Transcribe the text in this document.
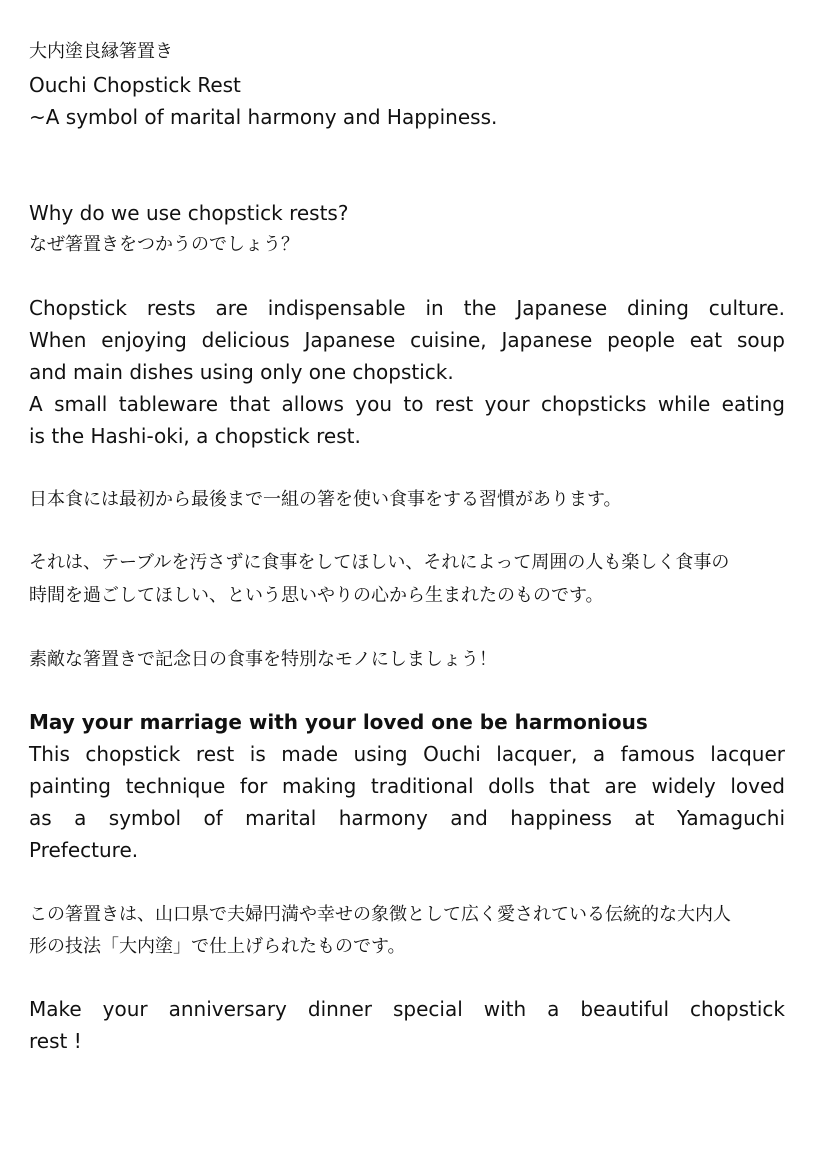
大内塗良縁箸置き
Ouchi Chopstick Rest
~A symbol of marital harmony and Happiness.
Why do we use chopstick rests?
なぜ箸置きをつかうのでしょう？
Chopstick rests are indispensable in the Japanese dining culture.
When enjoying delicious Japanese cuisine, Japanese people eat soup
and main dishes using only one chopstick.
A small tableware that allows you to rest your chopsticks while eating
is the Hashi-oki, a chopstick rest.
日本食には最初から最後まで一組の箸を使い食事をする習慣があります。
それは、テーブルを汚さずに食事をしてほしい、それによって周囲の人も楽しく食事の
時間を過ごしてほしい、という思いやりの心から生まれたのものです。
素敵な箸置きで記念日の食事を特別なモノにしましょう！
May your marriage with your loved one be harmonious
This chopstick rest is made using Ouchi lacquer, a famous lacquer
painting technique for making traditional dolls that are widely loved
as a symbol of marital harmony and happiness at Yamaguchi
Prefecture.
この箸置きは、山口県で夫婦円満や幸せの象徴として広く愛されている伝統的な大内人
形の技法「大内塗」で仕上げられたものです。
Make your anniversary dinner special with a beautiful chopstick
rest !
